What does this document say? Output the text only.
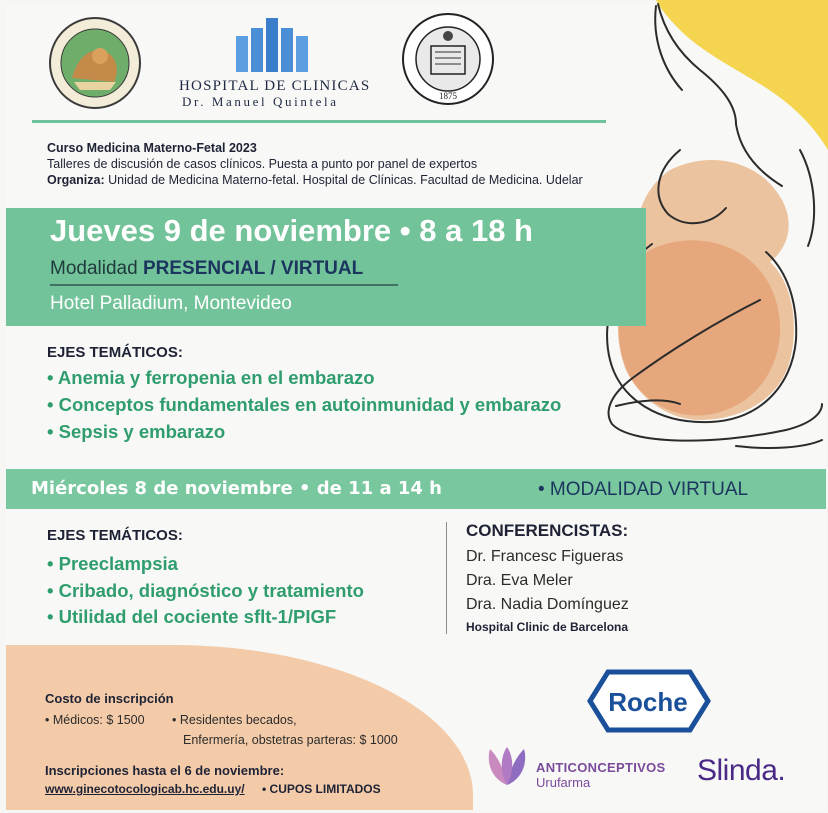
HOSPITAL DE CLINICAS
Dr. Manuel Quintela	1875
Curso Medicina Materno-Fetal 2023
Talleres de discusión de casos clínicos. Puesta a punto por panel de expertos
Organiza: Unidad de Medicina Materno-fetal. Hospital de Clínicas. Facultad de Medicina. Udelar
Jueves 9 de noviembre • 8 a 18 h
Modalidad PRESENCIAL / VIRTUAL
Hotel Palladium, Montevideo
EJES TEMÁTICOS:
• Anemia y ferropenia en el embarazo
• Conceptos fundamentales en autoinmunidad y embarazo
• Sepsis y embarazo
Miércoles 8 de noviembre • de 11 a 14 h	• MODALIDAD VIRTUAL
EJES TEMÁTICOS:
• Preeclampsia
• Cribado, diagnóstico y tratamiento
• Utilidad del cociente sflt-1/PIGF
CONFERENCISTAS:
Dr. Francesc Figueras
Dra. Eva Meler
Dra. Nadia Domínguez
Hospital Clinic de Barcelona
Costo de inscripción
• Médicos: $ 1500 • Residentes becados,
Enfermería, obstetras parteras: $ 1000
Inscripciones hasta el 6 de noviembre:
www.ginecotocologicab.hc.edu.uy/ • CUPOS LIMITADOS
Roche
ANTICONCEPTIVOS
Urufarma	Slinda.
